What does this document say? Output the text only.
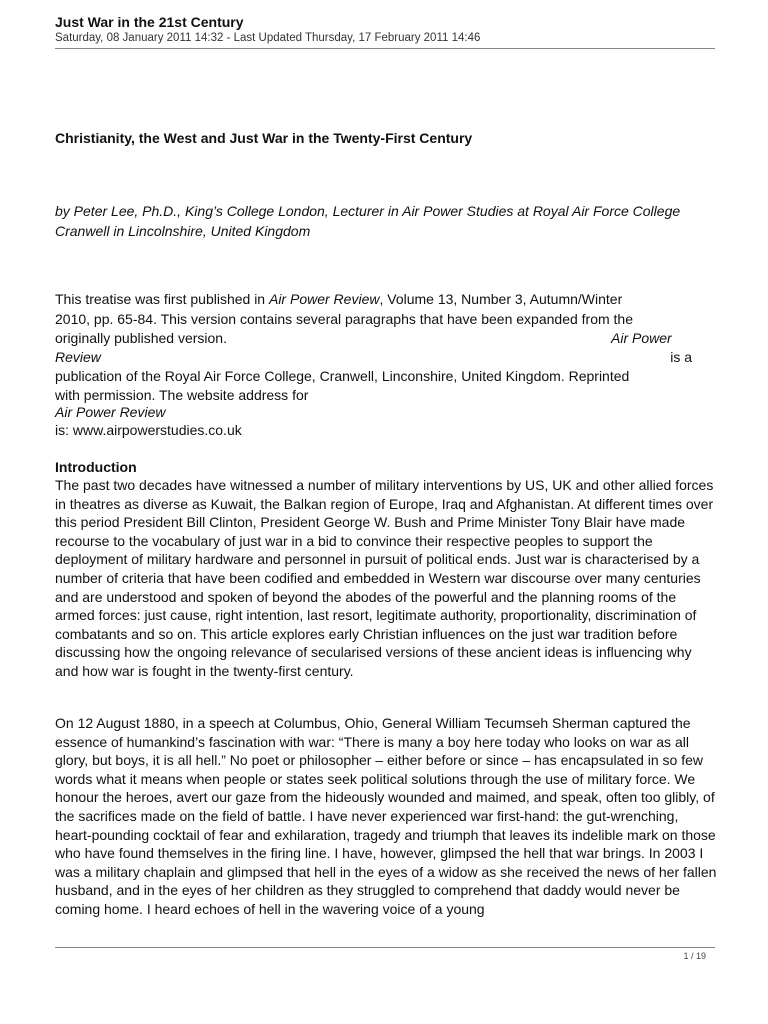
Just War in the 21st Century
Saturday, 08 January 2011 14:32 - Last Updated Thursday, 17 February 2011 14:46
Christianity, the West and Just War in the Twenty-First Century
by Peter Lee, Ph.D., King’s College London, Lecturer in Air Power Studies at Royal Air Force College Cranwell in Lincolnshire, United Kingdom
This treatise was first published in Air Power Review, Volume 13, Number 3, Autumn/Winter
2010, pp. 65-84. This version contains several paragraphs that have been expanded from the
originally published version.	Air Power
Review	is a
publication of the Royal Air Force College, Cranwell, Linconshire, United Kingdom. Reprinted
with permission. The website address for
Air Power Review
is: www.airpowerstudies.co.uk
Introduction
The past two decades have witnessed a number of military interventions by US, UK and other allied forces in theatres as diverse as Kuwait, the Balkan region of Europe, Iraq and Afghanistan. At different times over this period President Bill Clinton, President George W. Bush and Prime Minister Tony Blair have made recourse to the vocabulary of just war in a bid to convince their respective peoples to support the deployment of military hardware and personnel in pursuit of political ends. Just war is characterised by a number of criteria that have been codified and embedded in Western war discourse over many centuries and are understood and spoken of beyond the abodes of the powerful and the planning rooms of the armed forces: just cause, right intention, last resort, legitimate authority, proportionality, discrimination of combatants and so on. This article explores early Christian influences on the just war tradition before discussing how the ongoing relevance of secularised versions of these ancient ideas is influencing why and how war is fought in the twenty-first century.
On 12 August 1880, in a speech at Columbus, Ohio, General William Tecumseh Sherman captured the essence of humankind’s fascination with war: “There is many a boy here today who looks on war as all glory, but boys, it is all hell.” No poet or philosopher – either before or since – has encapsulated in so few words what it means when people or states seek political solutions through the use of military force. We honour the heroes, avert our gaze from the hideously wounded and maimed, and speak, often too glibly, of the sacrifices made on the field of battle. I have never experienced war first-hand: the gut-wrenching, heart-pounding cocktail of fear and exhilaration, tragedy and triumph that leaves its indelible mark on those who have found themselves in the firing line. I have, however, glimpsed the hell that war brings. In 2003 I was a military chaplain and glimpsed that hell in the eyes of a widow as she received the news of her fallen husband, and in the eyes of her children as they struggled to comprehend that daddy would never be coming home. I heard echoes of hell in the wavering voice of a young
1 / 19
